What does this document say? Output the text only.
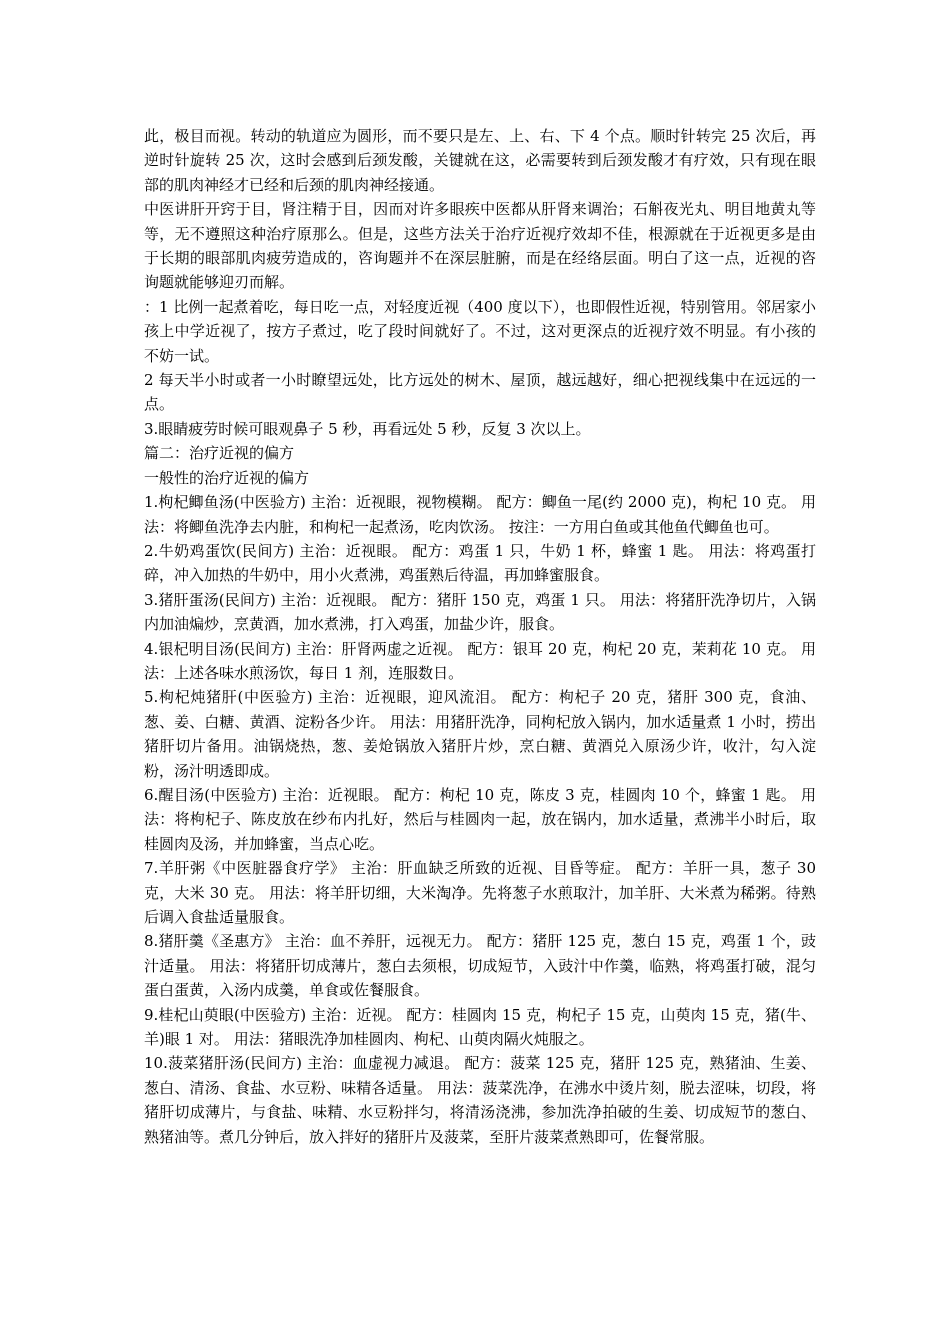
此，极目而视。转动的轨道应为圆形，而不要只是左、上、右、下 4 个点。顺时针转完 25 次后，再逆时针旋转 25 次，这时会感到后颈发酸，关键就在这，必需要转到后颈发酸才有疗效，只有现在眼部的肌肉神经才已经和后颈的肌肉神经接通。

中医讲肝开窍于目，肾注精于目，因而对许多眼疾中医都从肝肾来调治；石斛夜光丸、明目地黄丸等等，无不遵照这种治疗原那么。但是，这些方法关于治疗近视疗效却不佳，根源就在于近视更多是由于长期的眼部肌肉疲劳造成的，咨询题并不在深层脏腑，而是在经络层面。明白了这一点，近视的咨询题就能够迎刃而解。

：1 比例一起煮着吃，每日吃一点，对轻度近视（400 度以下），也即假性近视，特别管用。邻居家小孩上中学近视了，按方子煮过，吃了段时间就好了。不过，这对更深点的近视疗效不明显。有小孩的不妨一试。

2 每天半小时或者一小时瞭望远处，比方远处的树木、屋顶，越远越好，细心把视线集中在远远的一点。

3.眼睛疲劳时候可眼观鼻子 5 秒，再看远处 5 秒，反复 3 次以上。

篇二：治疗近视的偏方

一般性的治疗近视的偏方

1.枸杞鲫鱼汤(中医验方) 主治：近视眼，视物模糊。 配方：鲫鱼一尾(约 2000 克)，枸杞 10 克。 用法：将鲫鱼洗净去内脏，和枸杞一起煮汤，吃肉饮汤。 按注：一方用白鱼或其他鱼代鲫鱼也可。

2.牛奶鸡蛋饮(民间方) 主治：近视眼。 配方：鸡蛋 1 只，牛奶 1 杯，蜂蜜 1 匙。 用法：将鸡蛋打碎，冲入加热的牛奶中，用小火煮沸，鸡蛋熟后待温，再加蜂蜜服食。

3.猪肝蛋汤(民间方) 主治：近视眼。 配方：猪肝 150 克，鸡蛋 1 只。 用法：将猪肝洗净切片，入锅内加油煸炒，烹黄酒，加水煮沸，打入鸡蛋，加盐少许，服食。

4.银杞明目汤(民间方) 主治：肝肾两虚之近视。 配方：银耳 20 克，枸杞 20 克，茉莉花 10 克。 用法：上述各味水煎汤饮，每日 1 剂，连服数日。

5.枸杞炖猪肝(中医验方) 主治：近视眼，迎风流泪。 配方：枸杞子 20 克，猪肝 300 克，食油、葱、姜、白糖、黄酒、淀粉各少许。 用法：用猪肝洗净，同枸杞放入锅内，加水适量煮 1 小时，捞出猪肝切片备用。油锅烧热，葱、姜炝锅放入猪肝片炒，烹白糖、黄酒兑入原汤少许，收汁，勾入淀粉，汤汁明透即成。

6.醒目汤(中医验方) 主治：近视眼。 配方：枸杞 10 克，陈皮 3 克，桂圆肉 10 个，蜂蜜 1 匙。 用法：将枸杞子、陈皮放在纱布内扎好，然后与桂圆肉一起，放在锅内，加水适量，煮沸半小时后，取桂圆肉及汤，并加蜂蜜，当点心吃。

7.羊肝粥《中医脏器食疗学》 主治：肝血缺乏所致的近视、目昏等症。 配方：羊肝一具，葱子 30 克，大米 30 克。 用法：将羊肝切细，大米淘净。先将葱子水煎取汁，加羊肝、大米煮为稀粥。待熟后调入食盐适量服食。

8.猪肝羹《圣惠方》 主治：血不养肝，远视无力。 配方：猪肝 125 克，葱白 15 克，鸡蛋 1 个，豉汁适量。 用法：将猪肝切成薄片，葱白去须根，切成短节，入豉汁中作羹，临熟，将鸡蛋打破，混匀蛋白蛋黄，入汤内成羹，单食或佐餐服食。

9.桂杞山萸眼(中医验方) 主治：近视。 配方：桂圆肉 15 克，枸杞子 15 克，山萸肉 15 克，猪(牛、羊)眼 1 对。 用法：猪眼洗净加桂圆肉、枸杞、山萸肉隔火炖服之。

10.菠菜猪肝汤(民间方) 主治：血虚视力减退。 配方：菠菜 125 克，猪肝 125 克，熟猪油、生姜、葱白、清汤、食盐、水豆粉、味精各适量。 用法：菠菜洗净，在沸水中烫片刻，脱去涩味，切段，将猪肝切成薄片，与食盐、味精、水豆粉拌匀，将清汤浇沸，参加洗净拍破的生姜、切成短节的葱白、熟猪油等。煮几分钟后，放入拌好的猪肝片及菠菜，至肝片菠菜煮熟即可，佐餐常服。
